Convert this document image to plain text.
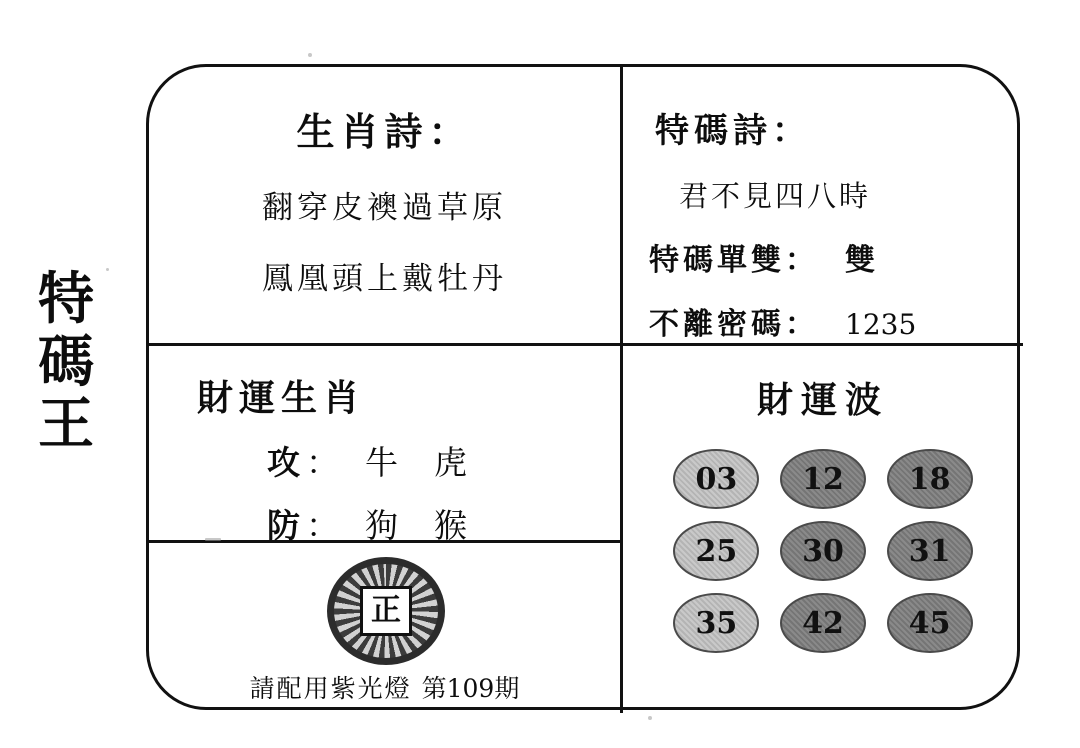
特
碼
王
生肖詩：
翻穿皮襖過草原
鳳凰頭上戴牡丹
特碼詩：
君不見四八時
特碼單雙： 雙
不離密碼： 1235
財運生肖
攻 ： 牛 虎
防 ： 狗 猴
正
請配用紫光燈 第109期
財運波
03	12	18
25	30	31
35	42	45
